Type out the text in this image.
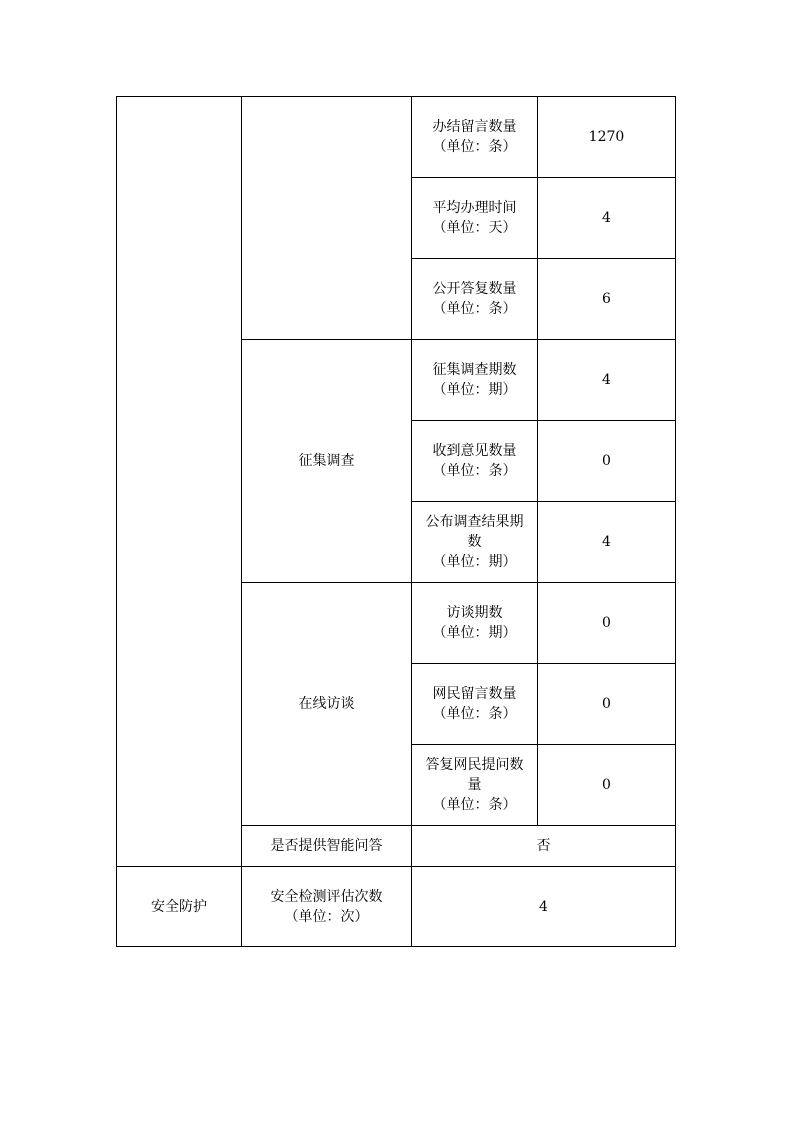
		办结留言数量
（单位：条）	1270

		平均办理时间
（单位：天）	4

		公开答复数量
（单位：条）	6
	征集调查	征集调查期数
（单位：期）	4

		收到意见数量
（单位：条）	0

		公布调查结果期
数
（单位：期）	4
	在线访谈	访谈期数
（单位：期）	0

		网民留言数量
（单位：条）	0

		答复网民提问数
量
（单位：条）	0
	是否提供智能问答	否	
安全防护	安全检测评估次数
（单位：次）	4	
